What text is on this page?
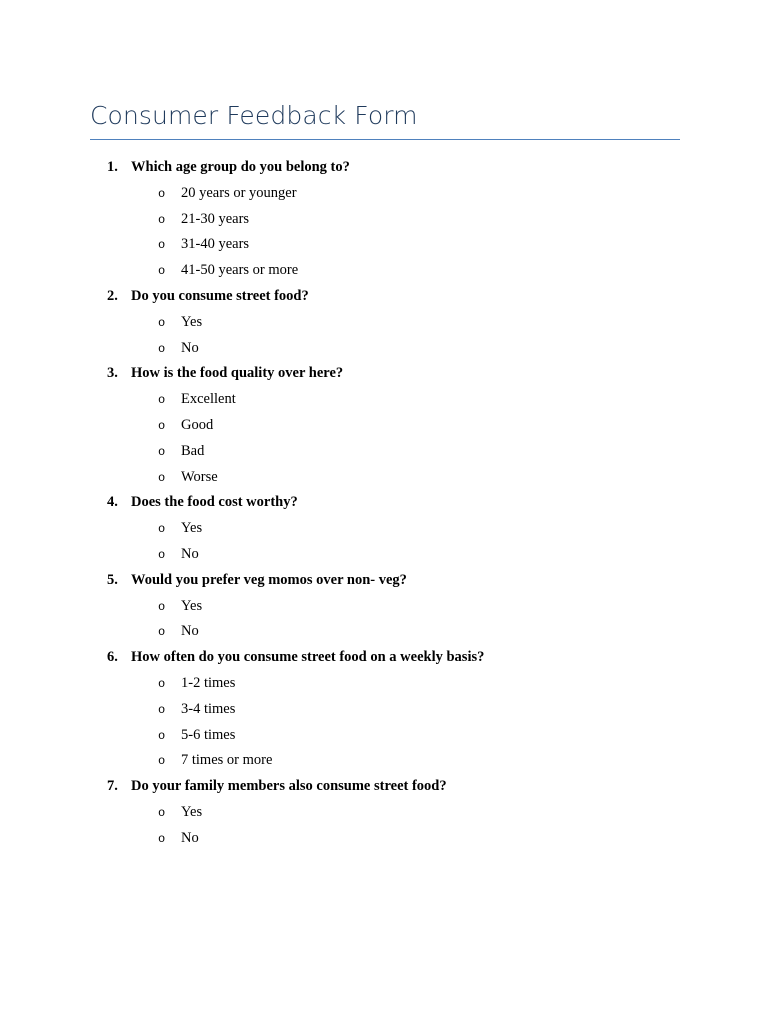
Consumer Feedback Form
1. Which age group do you belong to?
o 20 years or younger
o 21-30 years
o 31-40 years
o 41-50 years or more
2. Do you consume street food?
o Yes
o No
3. How is the food quality over here?
o Excellent
o Good
o Bad
o Worse
4. Does the food cost worthy?
o Yes
o No
5. Would you prefer veg momos over non- veg?
o Yes
o No
6. How often do you consume street food on a weekly basis?
o 1-2 times
o 3-4 times
o 5-6 times
o 7 times or more
7. Do your family members also consume street food?
o Yes
o No
